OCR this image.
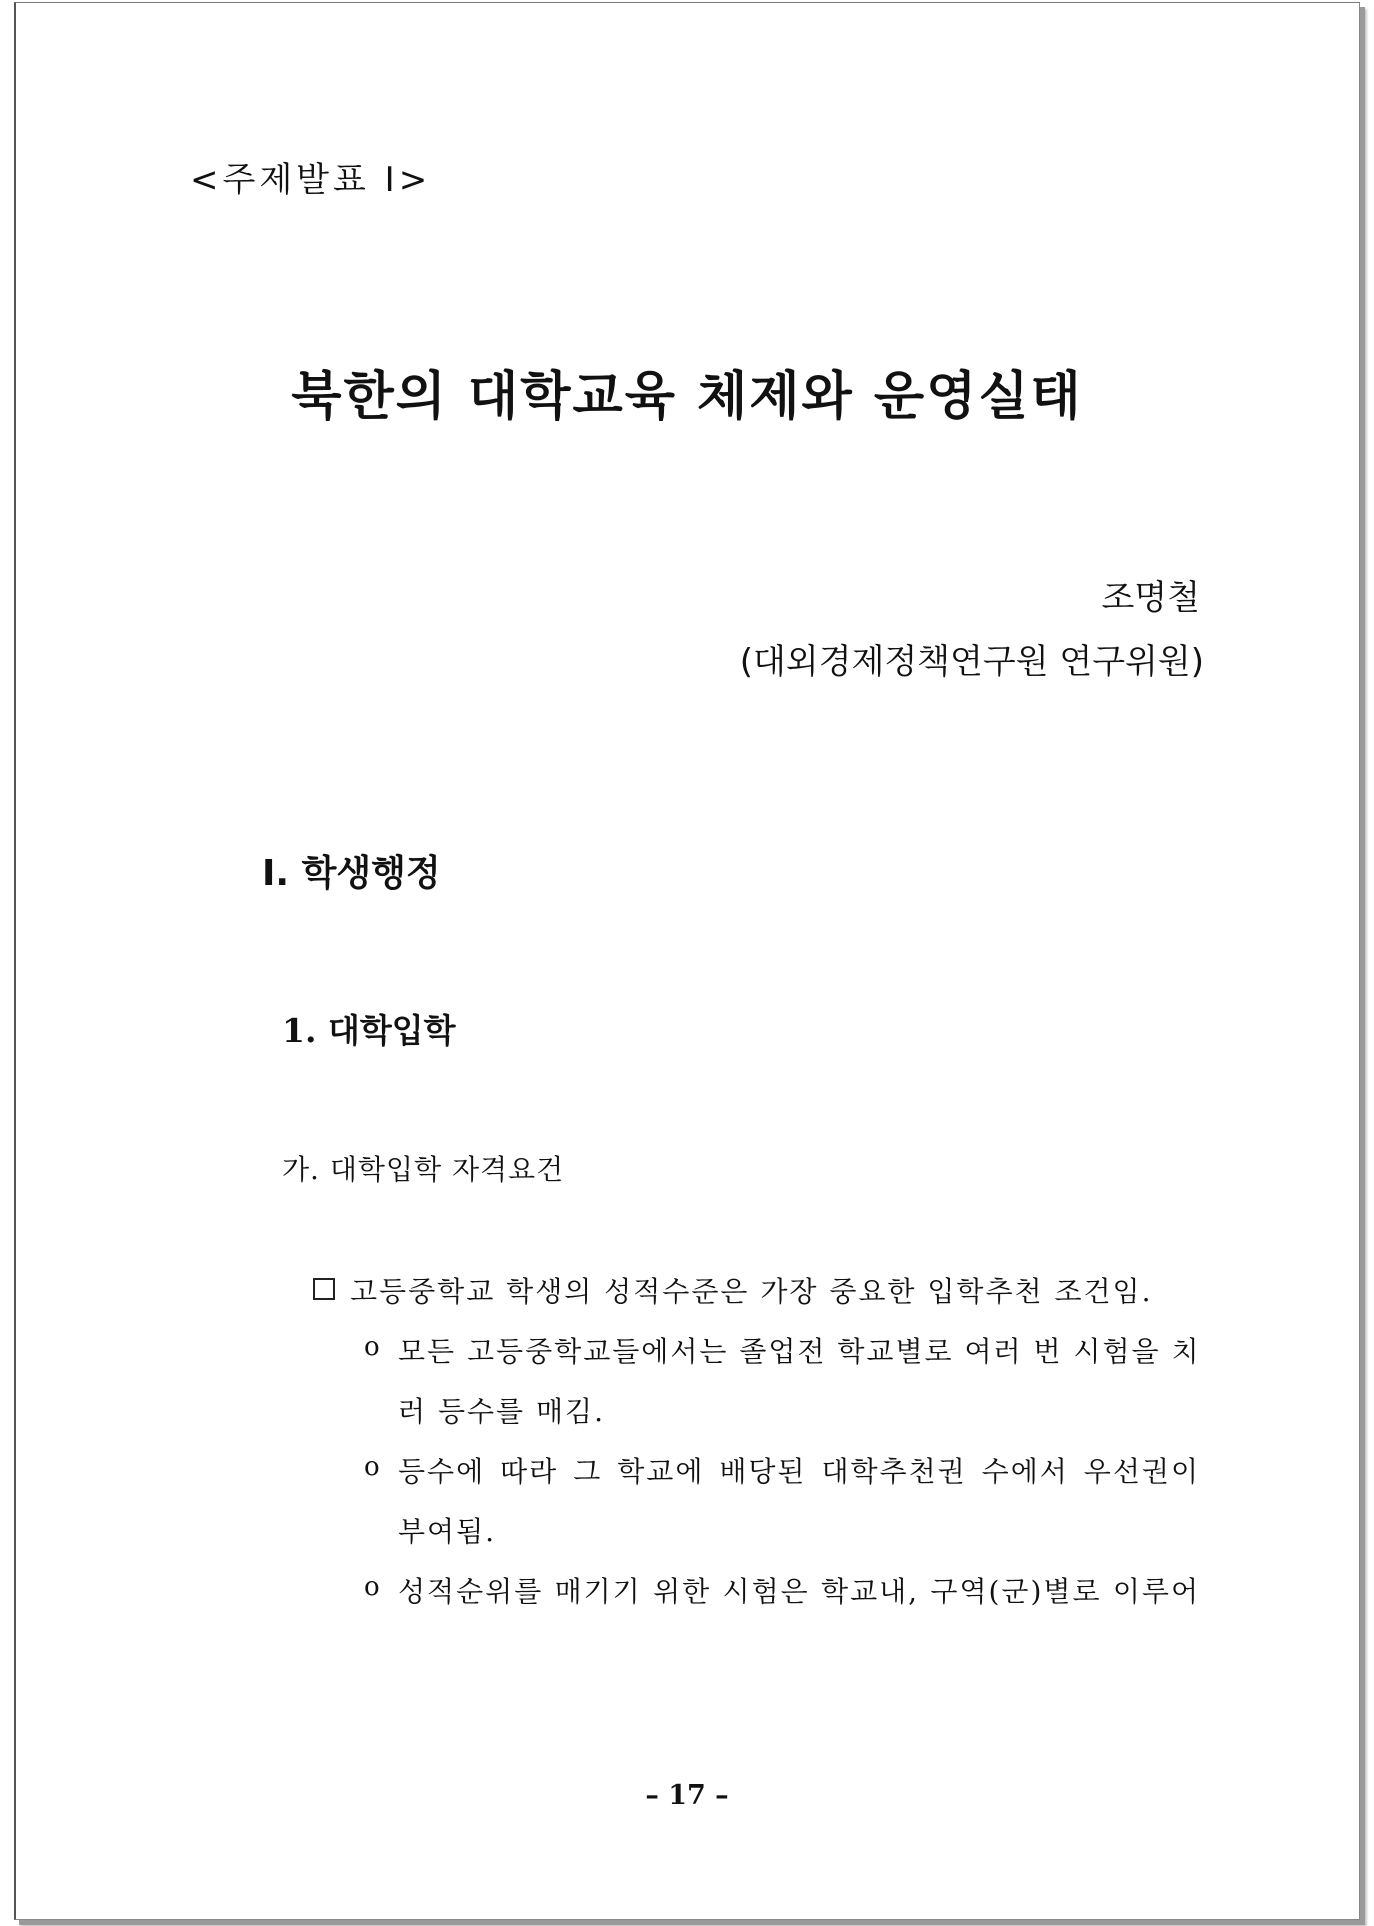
<주제발표 Ⅰ>
북한의 대학교육 체제와 운영실태
조명철
(대외경제정책연구원 연구위원)
Ⅰ. 학생행정
1. 대학입학
가. 대학입학 자격요건
고등중학교 학생의 성적수준은 가장 중요한 입학추천 조건임.
o 모든 고등중학교들에서는 졸업전 학교별로 여러 번 시험을 치
러 등수를 매김.
o 등수에 따라 그 학교에 배당된 대학추천권 수에서 우선권이
부여됨.
o 성적순위를 매기기 위한 시험은 학교내, 구역(군)별로 이루어
– 17 –
